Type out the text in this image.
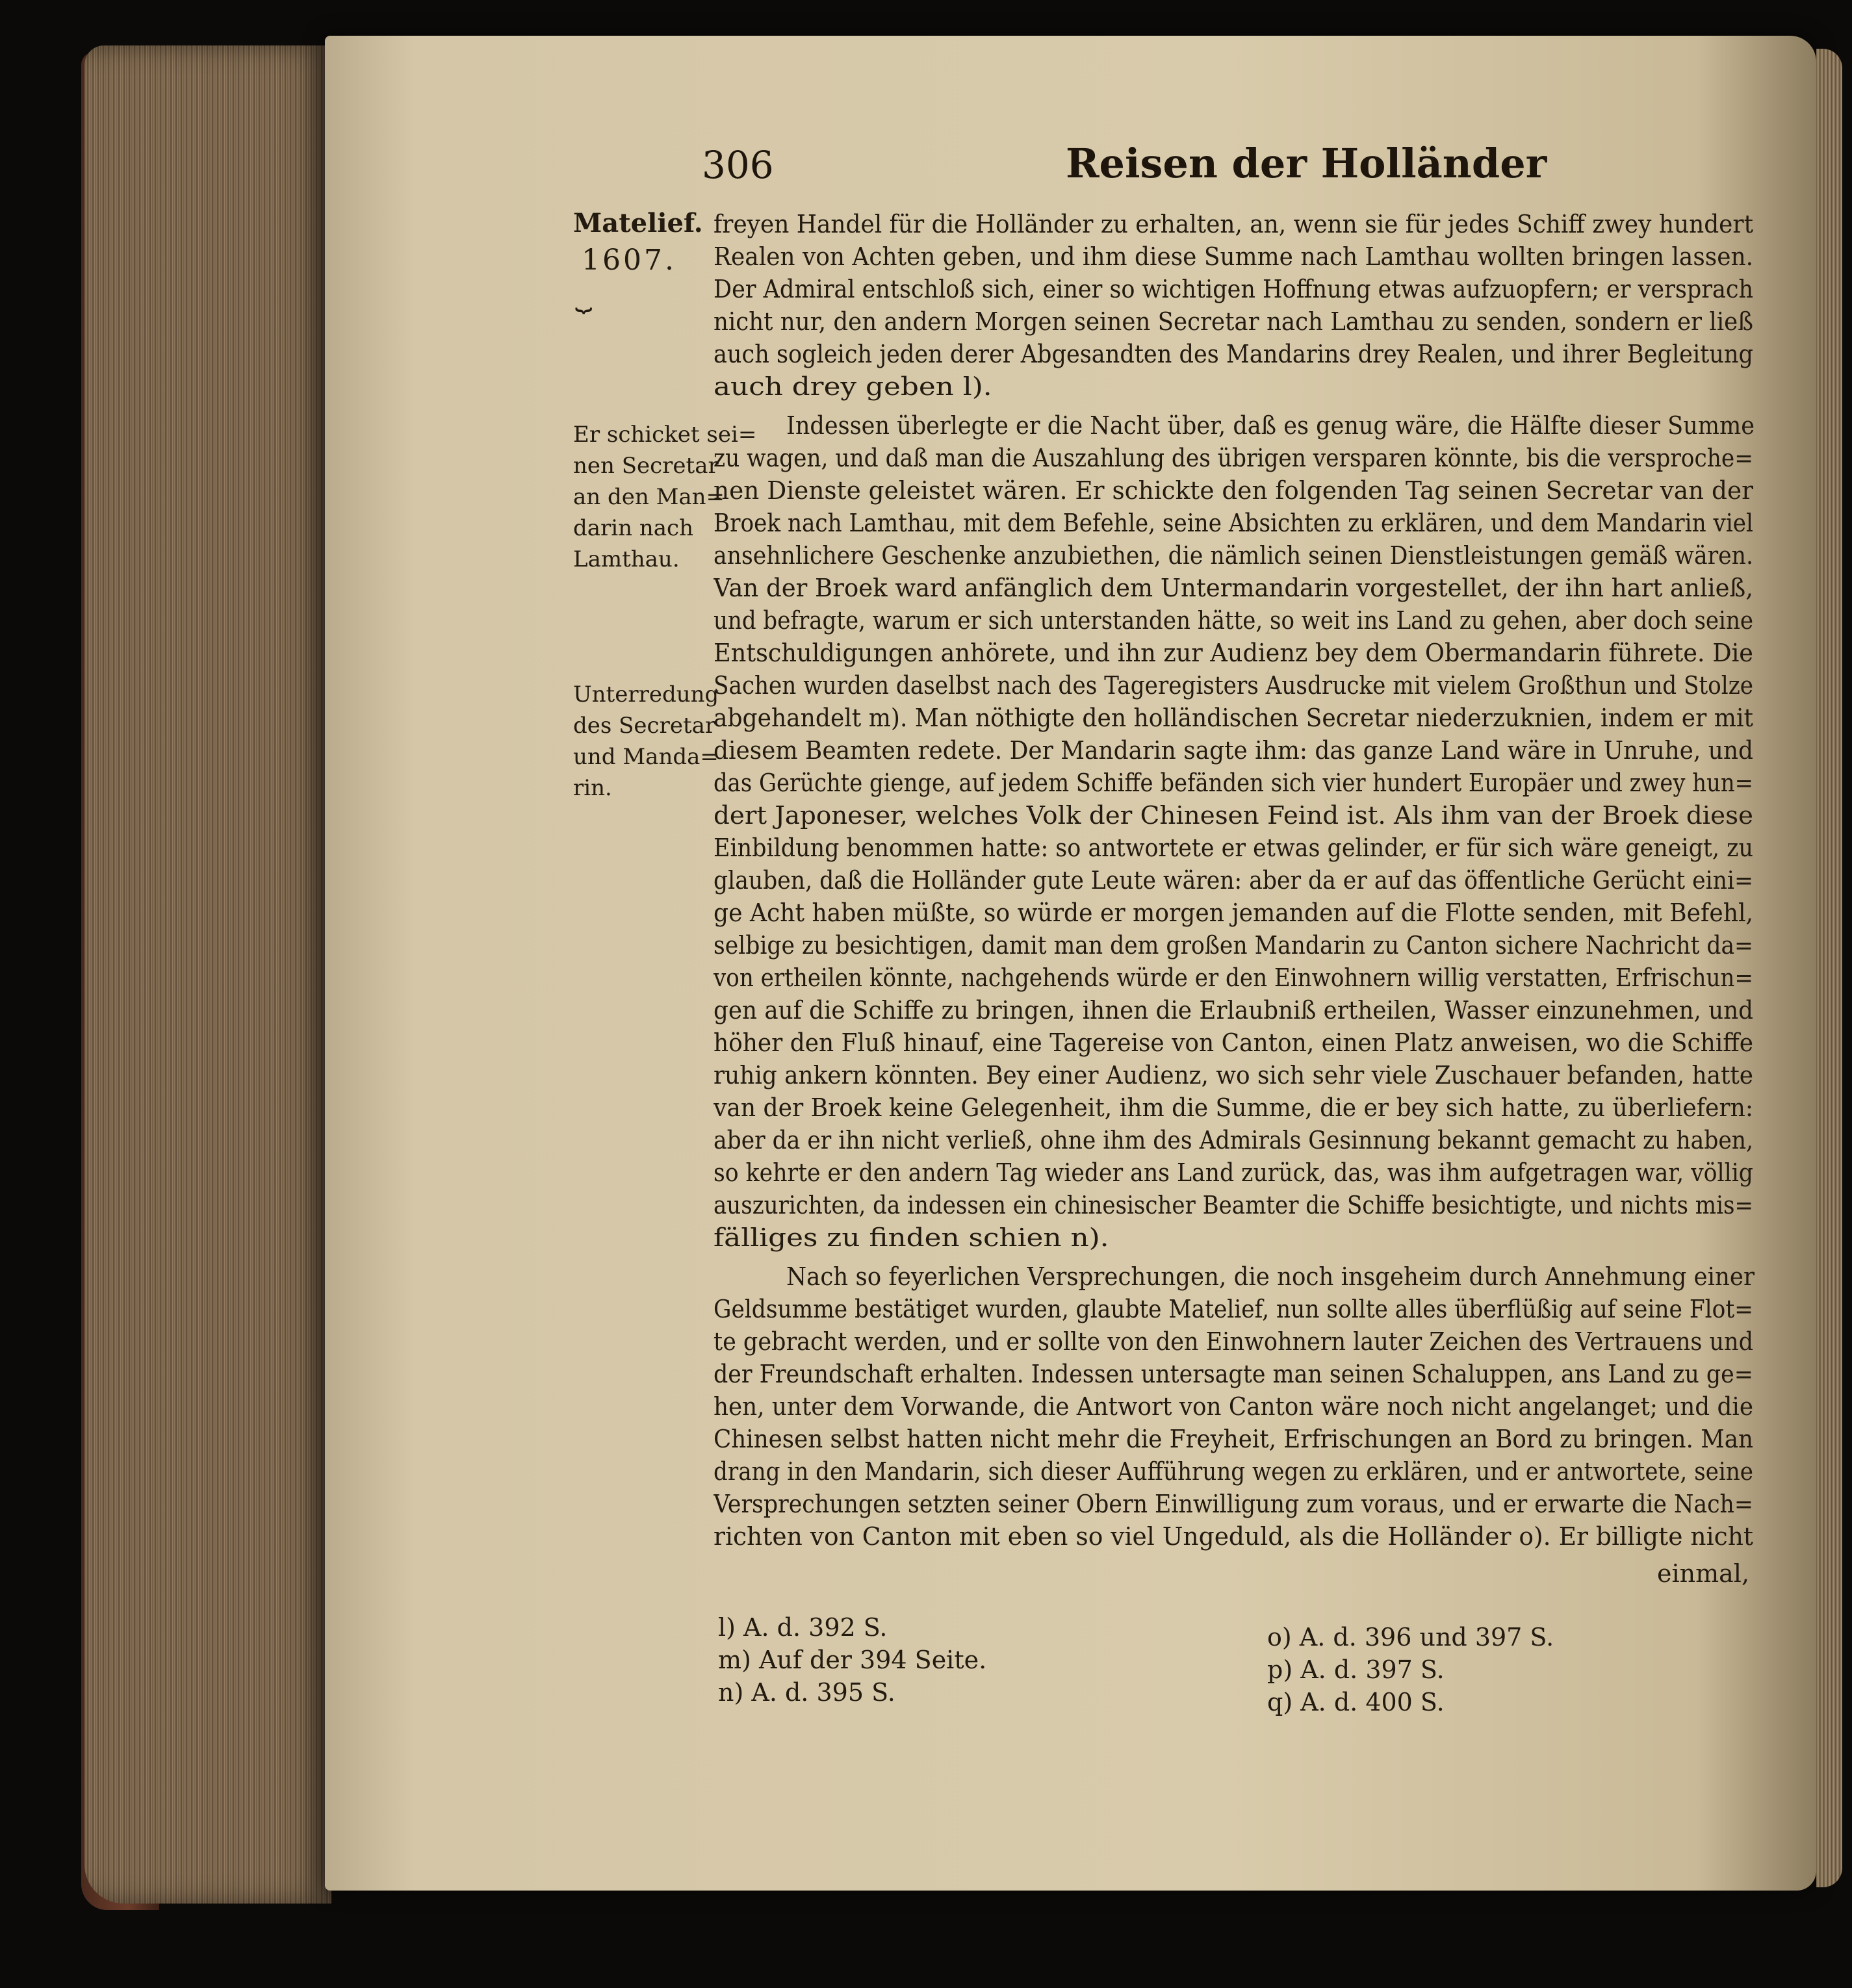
306	Reisen der Holländer
Matelief.
1607.
⏟
Er schicket sei=
nen Secretar
an den Man=
darin nach
Lamthau.
Unterredung
des Secretar
und Manda=
rin.
freyen Handel für die Holländer zu erhalten, an, wenn sie für jedes Schiff zwey hundert
Realen von Achten geben, und ihm diese Summe nach Lamthau wollten bringen lassen.
Der Admiral entschloß sich, einer so wichtigen Hoffnung etwas aufzuopfern; er versprach
nicht nur, den andern Morgen seinen Secretar nach Lamthau zu senden, sondern er ließ
auch sogleich jeden derer Abgesandten des Mandarins drey Realen, und ihrer Begleitung
auch drey geben l).
Indessen überlegte er die Nacht über, daß es genug wäre, die Hälfte dieser Summe
zu wagen, und daß man die Auszahlung des übrigen versparen könnte, bis die versproche=
nen Dienste geleistet wären. Er schickte den folgenden Tag seinen Secretar van der
Broek nach Lamthau, mit dem Befehle, seine Absichten zu erklären, und dem Mandarin viel
ansehnlichere Geschenke anzubiethen, die nämlich seinen Dienstleistungen gemäß wären.
Van der Broek ward anfänglich dem Untermandarin vorgestellet, der ihn hart anließ,
und befragte, warum er sich unterstanden hätte, so weit ins Land zu gehen, aber doch seine
Entschuldigungen anhörete, und ihn zur Audienz bey dem Obermandarin führete. Die
Sachen wurden daselbst nach des Tageregisters Ausdrucke mit vielem Großthun und Stolze
abgehandelt m). Man nöthigte den holländischen Secretar niederzuknien, indem er mit
diesem Beamten redete. Der Mandarin sagte ihm: das ganze Land wäre in Unruhe, und
das Gerüchte gienge, auf jedem Schiffe befänden sich vier hundert Europäer und zwey hun=
dert Japoneser, welches Volk der Chinesen Feind ist. Als ihm van der Broek diese
Einbildung benommen hatte: so antwortete er etwas gelinder, er für sich wäre geneigt, zu
glauben, daß die Holländer gute Leute wären: aber da er auf das öffentliche Gerücht eini=
ge Acht haben müßte, so würde er morgen jemanden auf die Flotte senden, mit Befehl,
selbige zu besichtigen, damit man dem großen Mandarin zu Canton sichere Nachricht da=
von ertheilen könnte, nachgehends würde er den Einwohnern willig verstatten, Erfrischun=
gen auf die Schiffe zu bringen, ihnen die Erlaubniß ertheilen, Wasser einzunehmen, und
höher den Fluß hinauf, eine Tagereise von Canton, einen Platz anweisen, wo die Schiffe
ruhig ankern könnten. Bey einer Audienz, wo sich sehr viele Zuschauer befanden, hatte
van der Broek keine Gelegenheit, ihm die Summe, die er bey sich hatte, zu überliefern:
aber da er ihn nicht verließ, ohne ihm des Admirals Gesinnung bekannt gemacht zu haben,
so kehrte er den andern Tag wieder ans Land zurück, das, was ihm aufgetragen war, völlig
auszurichten, da indessen ein chinesischer Beamter die Schiffe besichtigte, und nichts mis=
fälliges zu finden schien n).
Nach so feyerlichen Versprechungen, die noch insgeheim durch Annehmung einer
Geldsumme bestätiget wurden, glaubte Matelief, nun sollte alles überflüßig auf seine Flot=
te gebracht werden, und er sollte von den Einwohnern lauter Zeichen des Vertrauens und
der Freundschaft erhalten. Indessen untersagte man seinen Schaluppen, ans Land zu ge=
hen, unter dem Vorwande, die Antwort von Canton wäre noch nicht angelanget; und die
Chinesen selbst hatten nicht mehr die Freyheit, Erfrischungen an Bord zu bringen. Man
drang in den Mandarin, sich dieser Aufführung wegen zu erklären, und er antwortete, seine
Versprechungen setzten seiner Obern Einwilligung zum voraus, und er erwarte die Nach=
richten von Canton mit eben so viel Ungeduld, als die Holländer o). Er billigte nicht
einmal,
l) A. d. 392 S.
m) Auf der 394 Seite.
n) A. d. 395 S.
o) A. d. 396 und 397 S.
p) A. d. 397 S.
q) A. d. 400 S.
